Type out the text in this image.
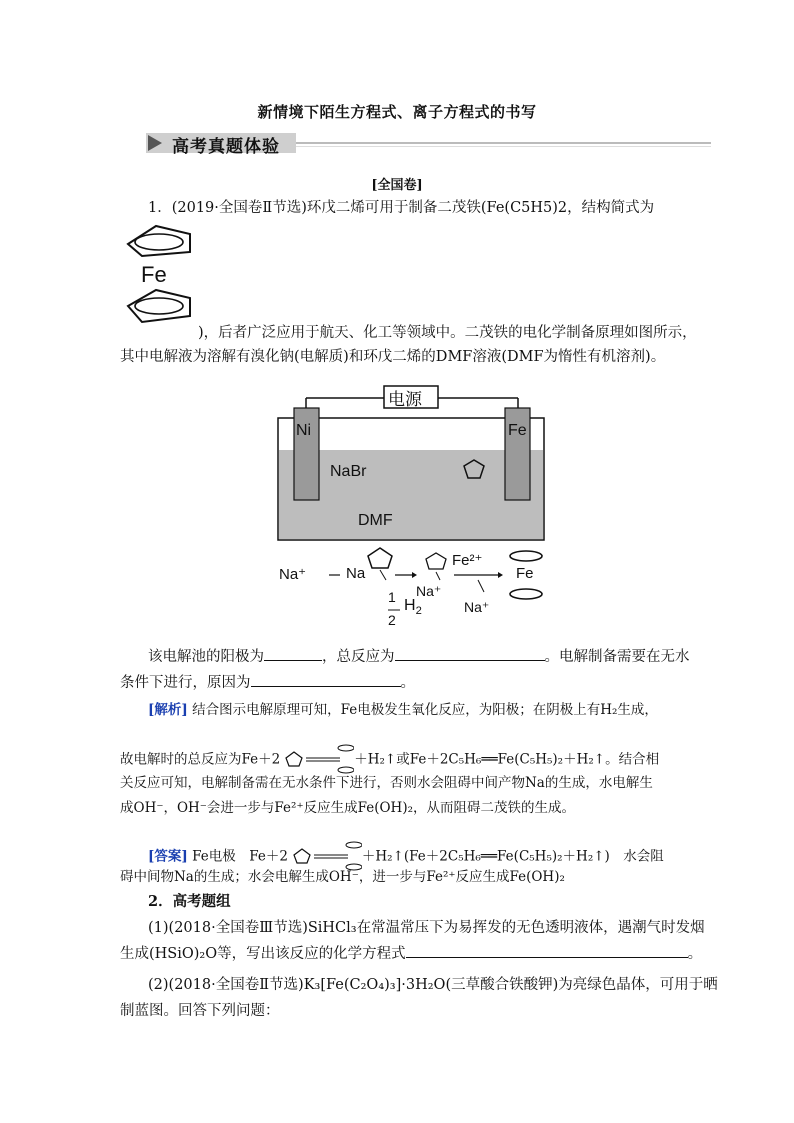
新情境下陌生方程式、离子方程式的书写
高考真题体验
[全国卷]
1．(2019·全国卷Ⅱ节选)环戊二烯可用于制备二茂铁(Fe(C5H5)2，结构简式为
Fe
)，后者广泛应用于航天、化工等领域中。二茂铁的电化学制备原理如图所示，
其中电解液为溶解有溴化钠(电解质)和环戊二烯的DMF溶液(DMF为惰性有机溶剂)。
电源
Ni	Fe
NaBr
DMF
Na⁺	Na
1
2
$H_2$
Na⁺
Fe²⁺
Na⁺
Fe
该电解池的阳极为	，总反应为	。电解制备需要在无水
条件下进行，原因为	。
[解析] 结合图示电解原理可知，Fe电极发生氧化反应，为阳极；在阴极上有H₂生成，
故电解时的总反应为Fe＋2	＋H₂↑或Fe＋2C₅H₆══Fe(C₅H₅)₂＋H₂↑。结合相
关反应可知，电解制备需在无水条件下进行，否则水会阻碍中间产物Na的生成，水电解生
成OH⁻，OH⁻会进一步与Fe²⁺反应生成Fe(OH)₂，从而阻碍二茂铁的生成。
[答案] Fe电极　Fe＋2	＋H₂↑(Fe＋2C₅H₆══Fe(C₅H₅)₂＋H₂↑)　水会阻
碍中间物Na的生成；水会电解生成OH⁻，进一步与Fe²⁺反应生成Fe(OH)₂
2．高考题组
(1)(2018·全国卷Ⅲ节选)SiHCl₃在常温常压下为易挥发的无色透明液体，遇潮气时发烟
生成(HSiO)₂O等，写出该反应的化学方程式	。
(2)(2018·全国卷Ⅱ节选)K₃[Fe(C₂O₄)₃]·3H₂O(三草酸合铁酸钾)为亮绿色晶体，可用于晒
制蓝图。回答下列问题：
